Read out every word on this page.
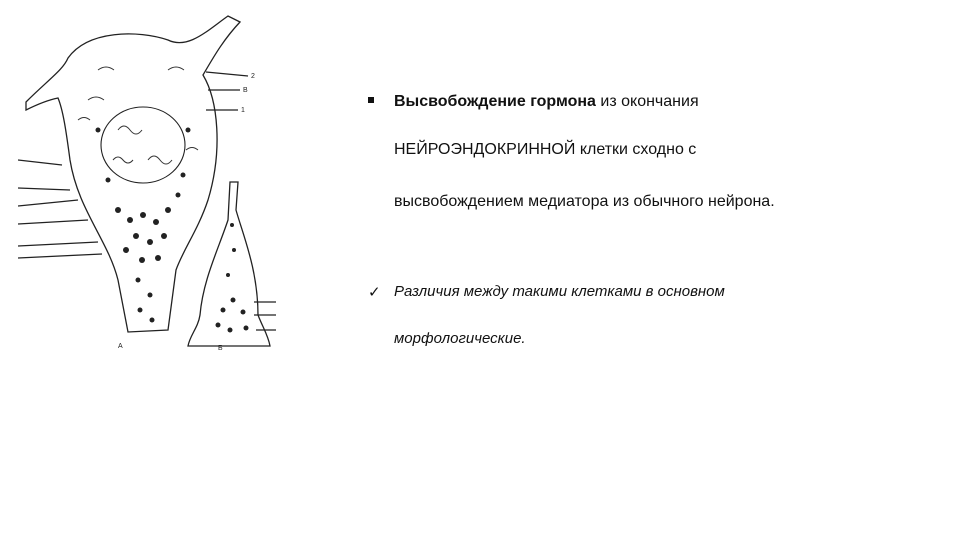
2
В
1
А	Б
Высвобождение гормона из окончания
НЕЙРОЭНДОКРИННОЙ клетки сходно с
высвобождением медиатора из обычного нейрона.
✓ Различия между такими клетками в основном
морфологические.
